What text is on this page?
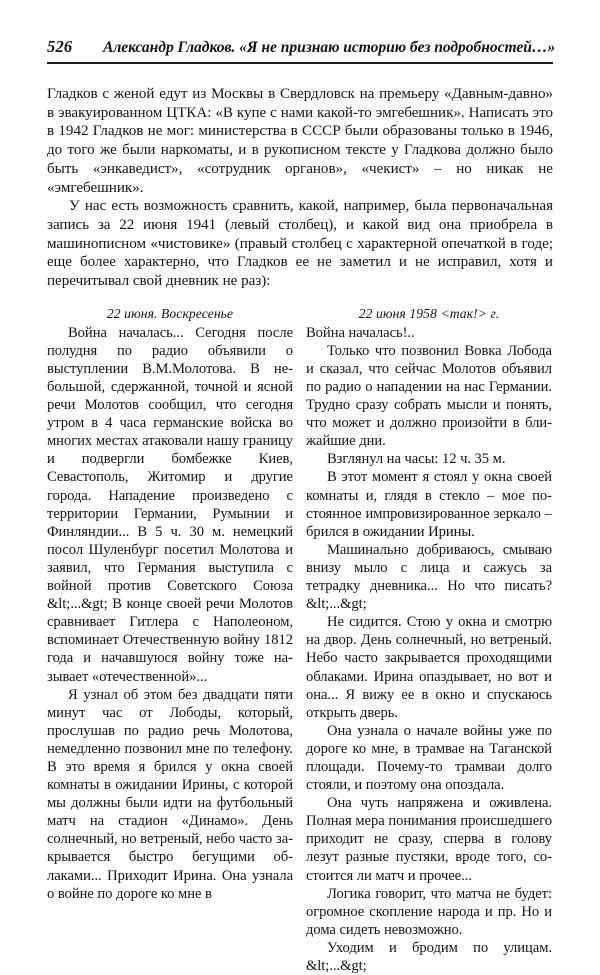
526	Александр Гладков. «Я не признаю историю без подробностей…»

Гладков с женой едут из Москвы в Свердловск на премьеру «Давным-давно» в эвакуированном ЦТКА: «В купе с нами какой-то эмгебешник». Написать это в 1942 Гладков не мог: министерства в СССР были образованы только в 1946, до того же были наркоматы, и в рукописном тексте у Гладкова должно было быть «энкаведист», «сотрудник органов», «чекист» – но никак не «эмгебешник».

У нас есть возможность сравнить, какой, например, была первоначальная запись за 22 июня 1941 (левый столбец), и какой вид она приобрела в машинописном «чистовике» (правый столбец с характерной опечаткой в годе; еще более характерно, что Гладков ее не заметил и не исправил, хотя и перечитывал свой дневник не раз):

22 июня. Воскресенье

Война началась... Сегодня после полудня по радио объявили о выступлении В.М.Молотова. В небольшой, сдержанной, точной и ясной речи Молотов сообщил, что сегодня утром в 4 часа германские войска во многих местах атаковали нашу границу и подвергли бомбежке Киев, Севастополь, Житомир и другие города. Нападение произведено с территории Германии, Румынии и Финляндии... В 5 ч. 30 м. немецкий посол Шуленбург посетил Молотова и заявил, что Германия выступила с войной против Советского Союза &lt;...&gt; В конце своей речи Молотов сравнивает Гитлера с Наполеоном, вспоминает Отечественную войну 1812 года и начавшуюся войну тоже называет «отечественной»...

Я узнал об этом без двадцати пяти минут час от Лободы, который, прослушав по радио речь Молотова, немедленно позвонил мне по телефону. В это время я брился у окна своей комнаты в ожидании Ирины, с которой мы должны были идти на футбольный матч на стадион «Динамо». День солнечный, но ветреный, небо часто закрывается быстро бегущими облаками... Приходит Ирина. Она узнала о войне по дороге ко мне в

22 июня 1958 <так!> г.

Война началась!..

Только что позвонил Вовка Лобода и сказал, что сейчас Молотов объявил по радио о нападении на нас Германии. Трудно сразу собрать мысли и понять, что может и должно произойти в ближайшие дни.

Взглянул на часы: 12 ч. 35 м.

В этот момент я стоял у окна своей комнаты и, глядя в стекло – мое постоянное импровизированное зеркало – брился в ожидании Ирины.

Машинально добриваюсь, смываю внизу мыло с лица и сажусь за тетрадку дневника... Но что писать? &lt;...&gt;

Не сидится. Стою у окна и смотрю на двор. День солнечный, но ветреный. Небо часто закрывается проходящими облаками. Ирина опаздывает, но вот и она... Я вижу ее в окно и спускаюсь открыть дверь.

Она узнала о начале войны уже по дороге ко мне, в трамвае на Таганской площади. Почему-то трамваи долго стояли, и поэтому она опоздала.

Она чуть напряжена и оживлена. Полная мера понимания происшедшего приходит не сразу, сперва в голову лезут разные пустяки, вроде того, состоится ли матч и прочее...

Логика говорит, что матча не будет: огромное скопление народа и пр. Но и дома сидеть невозможно.

Уходим и бродим по улицам. &lt;...&gt;
